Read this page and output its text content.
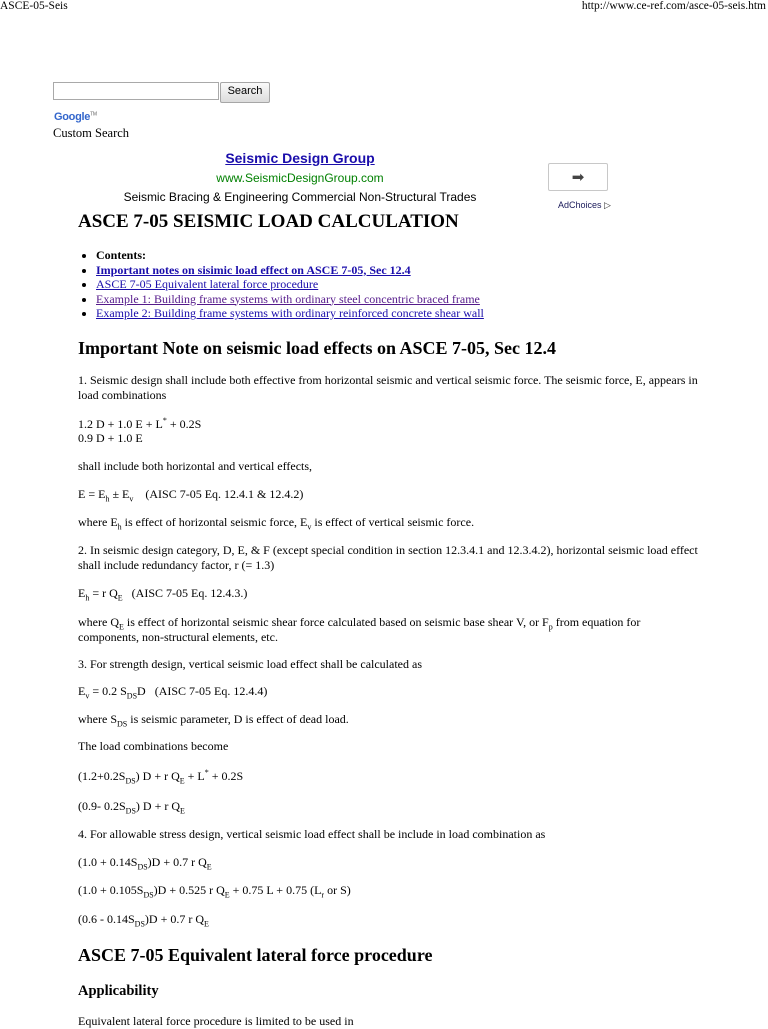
ASCE-05-Seis	http://www.ce-ref.com/asce-05-seis.htm
Search
Google™
Custom Search
Seismic Design Group
www.SeismicDesignGroup.com
Seismic Bracing & Engineering Commercial Non-Structural Trades
➡
AdChoices ▷
ASCE 7-05 SEISMIC LOAD CALCULATION
• Contents:
• Important notes on sisimic load effect on ASCE 7-05, Sec 12.4
• ASCE 7-05 Equivalent lateral force procedure
• Example 1: Building frame systems with ordinary steel concentric braced frame
• Example 2: Building frame systems with ordinary reinforced concrete shear wall
Important Note on seismic load effects on ASCE 7-05, Sec 12.4
1. Seismic design shall include both effective from horizontal seismic and vertical seismic force. The seismic force, E, appears in load combinations
1.2 D + 1.0 E + L* + 0.2S
0.9 D + 1.0 E
shall include both horizontal and vertical effects,
$E = E_h \pm E_v$    (AISC 7-05 Eq. 12.4.1 & 12.4.2)
where $E_h$ is effect of horizontal seismic force, $E_v$ is effect of vertical seismic force.
2. In seismic design category, D, E, & F (except special condition in section 12.3.4.1 and 12.3.4.2), horizontal seismic load effect shall include redundancy factor, r (= 1.3)
$E_h = r$ $Q_E$   (AISC 7-05 Eq. 12.4.3.)
where $Q_E$ is effect of horizontal seismic shear force calculated based on seismic base shear V, or $F_p$ from equation for components, non-structural elements, etc.
3. For strength design, vertical seismic load effect shall be calculated as
$E_v = 0.2$ $S_{DS}D$   (AISC 7-05 Eq. 12.4.4)
where $S_{DS}$ is seismic parameter, D is effect of dead load.
The load combinations become
$(1.2+0.2S_{DS}) D + r$ $Q_E + L^* + 0.2S$
(0.9- $0.2S_{DS}$) D + r $Q_E$
4. For allowable stress design, vertical seismic load effect shall be include in load combination as
$(1.0 + 0.14S_{DS})D + 0.7$ r $Q_E$
$(1.0 + 0.105S_{DS})D + 0.525$ r $Q_E + 0.75$ L + 0.75 ($L_r$ or S)
$(0.6 - 0.14S_{DS})D + 0.7$ r $Q_E$
ASCE 7-05 Equivalent lateral force procedure
Applicability
Equivalent lateral force procedure is limited to be used in
